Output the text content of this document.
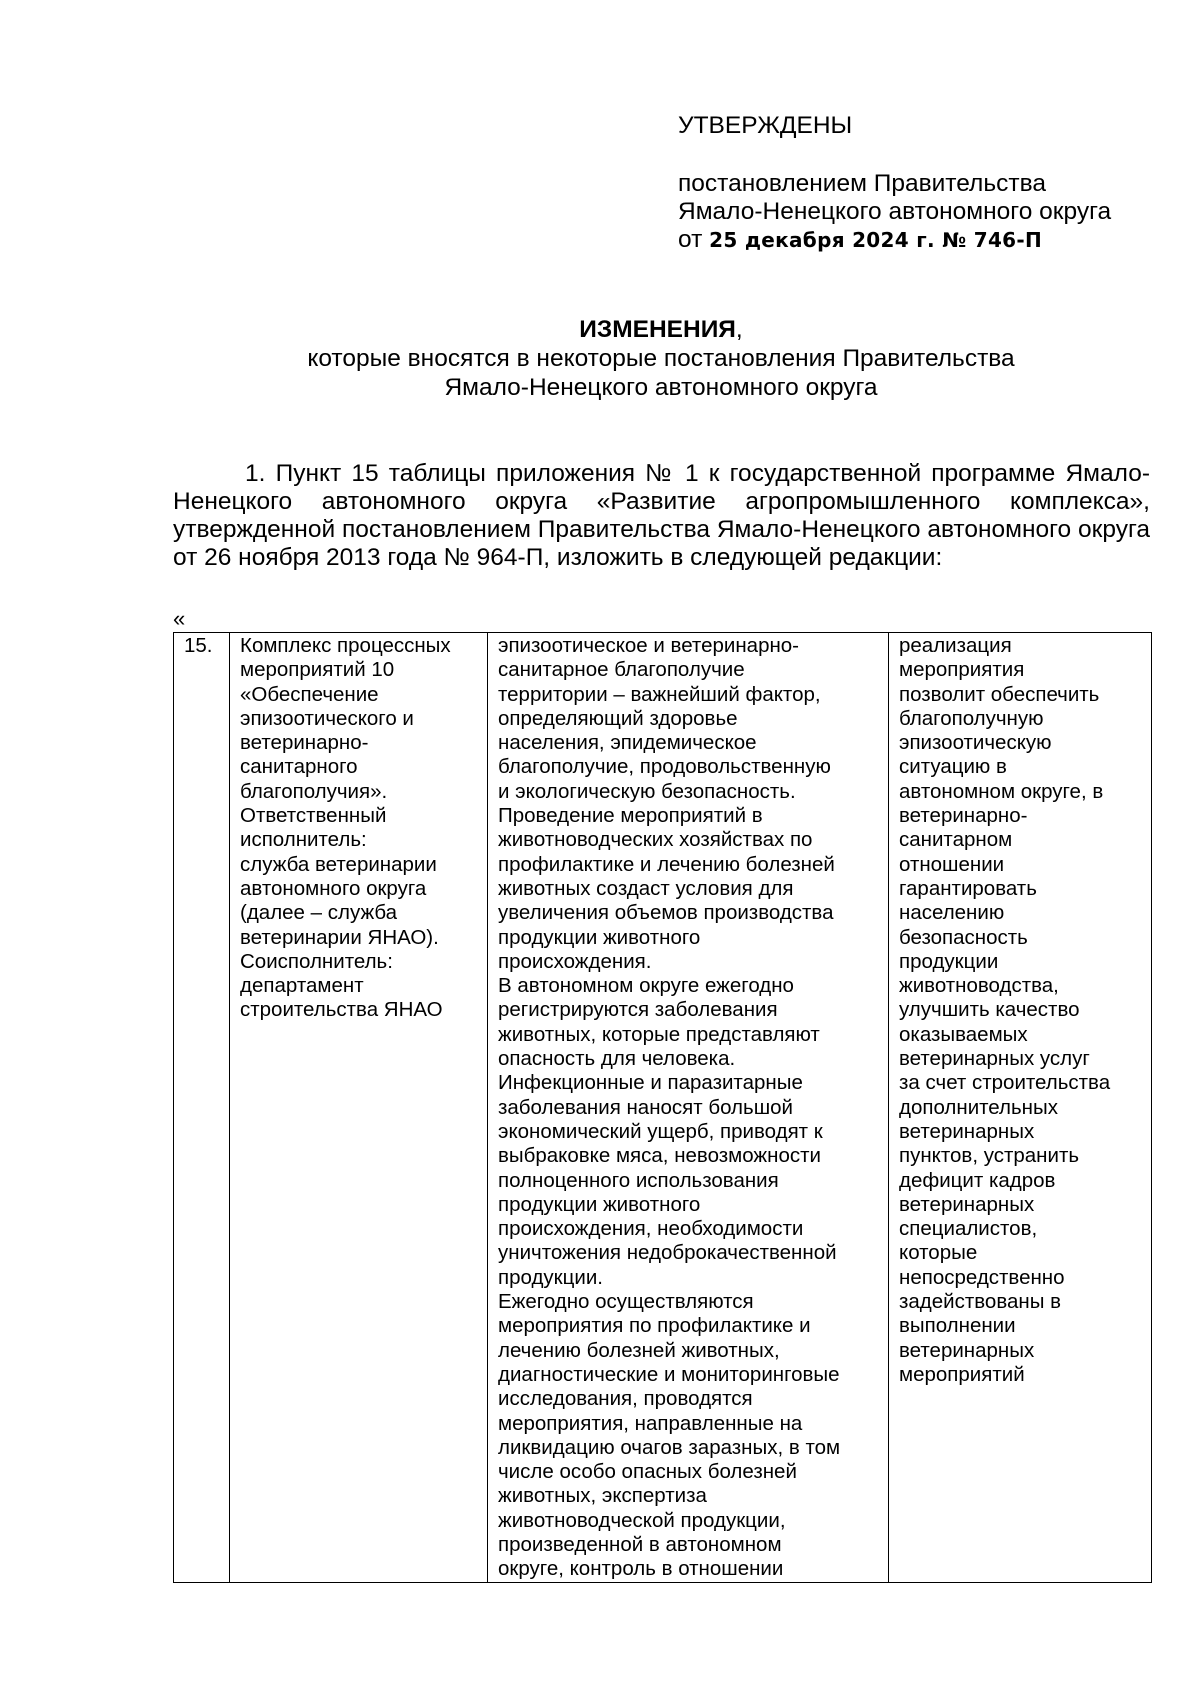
УТВЕРЖДЕНЫ
постановлением Правительства
Ямало-Ненецкого автономного округа
от 25 декабря 2024 г. № 746-П
ИЗМЕНЕНИЯ,
которые вносятся в некоторые постановления Правительства
Ямало-Ненецкого автономного округа
1. Пункт 15 таблицы приложения № 1 к государственной программе Ямало-Ненецкого автономного округа «Развитие агропромышленного комплекса», утвержденной постановлением Правительства Ямало-Ненецкого автономного округа от 26 ноября 2013 года № 964-П, изложить в следующей редакции:
«
15.	Комплекс процессных
мероприятий 10
«Обеспечение
эпизоотического и
ветеринарно-
санитарного
благополучия».
Ответственный
исполнитель:
служба ветеринарии
автономного округа
(далее – служба
ветеринарии ЯНАО).
Соисполнитель:
департамент
строительства ЯНАО	эпизоотическое и ветеринарно-
санитарное благополучие
территории – важнейший фактор,
определяющий здоровье
населения, эпидемическое
благополучие, продовольственную
и экологическую безопасность.
Проведение мероприятий в
животноводческих хозяйствах по
профилактике и лечению болезней
животных создаст условия для
увеличения объемов производства
продукции животного
происхождения.
В автономном округе ежегодно
регистрируются заболевания
животных, которые представляют
опасность для человека.
Инфекционные и паразитарные
заболевания наносят большой
экономический ущерб, приводят к
выбраковке мяса, невозможности
полноценного использования
продукции животного
происхождения, необходимости
уничтожения недоброкачественной
продукции.
Ежегодно осуществляются
мероприятия по профилактике и
лечению болезней животных,
диагностические и мониторинговые
исследования, проводятся
мероприятия, направленные на
ликвидацию очагов заразных, в том
числе особо опасных болезней
животных, экспертиза
животноводческой продукции,
произведенной в автономном
округе, контроль в отношении	реализация
мероприятия
позволит обеспечить
благополучную
эпизоотическую
ситуацию в
автономном округе, в
ветеринарно-
санитарном
отношении
гарантировать
населению
безопасность
продукции
животноводства,
улучшить качество
оказываемых
ветеринарных услуг
за счет строительства
дополнительных
ветеринарных
пунктов, устранить
дефицит кадров
ветеринарных
специалистов,
которые
непосредственно
задействованы в
выполнении
ветеринарных
мероприятий
